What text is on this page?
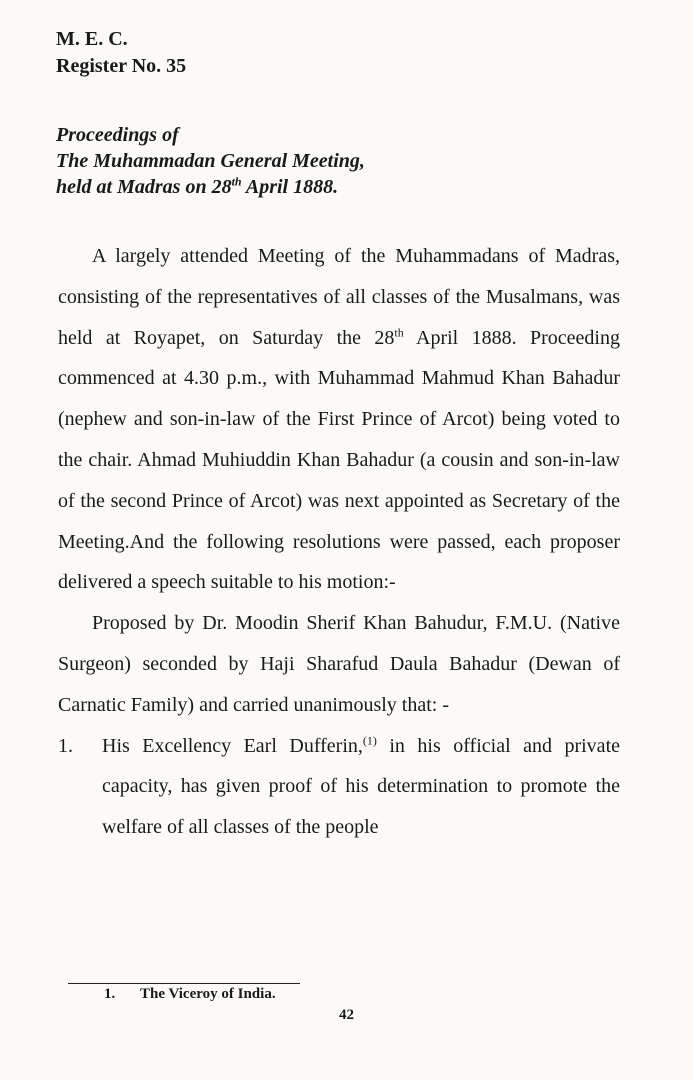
M. E. C.
Register No. 35
Proceedings of
The Muhammadan General Meeting,
held at Madras on 28th April 1888.

A largely attended Meeting of the Muhammadans of Madras, consisting of the representatives of all classes of the Musalmans, was held at Royapet, on Saturday the 28th April 1888. Proceeding commenced at 4.30 p.m., with Muhammad Mahmud Khan Bahadur (nephew and son-in-law of the First Prince of Arcot) being voted to the chair. Ahmad Muhiuddin Khan Bahadur (a cousin and son-in-law of the second Prince of Arcot) was next appointed as Secretary of the Meeting.And the following resolutions were passed, each proposer delivered a speech suitable to his motion:-

Proposed by Dr. Moodin Sherif Khan Bahudur, F.M.U. (Native Surgeon) seconded by Haji Sharafud Daula Bahadur (Dewan of Carnatic Family) and carried unanimously that: -

1.	His Excellency Earl Dufferin,$^{(1)}$ in his official and private capacity, has given proof of his determination to promote the welfare of all classes of the people
1. The Viceroy of India.
42
